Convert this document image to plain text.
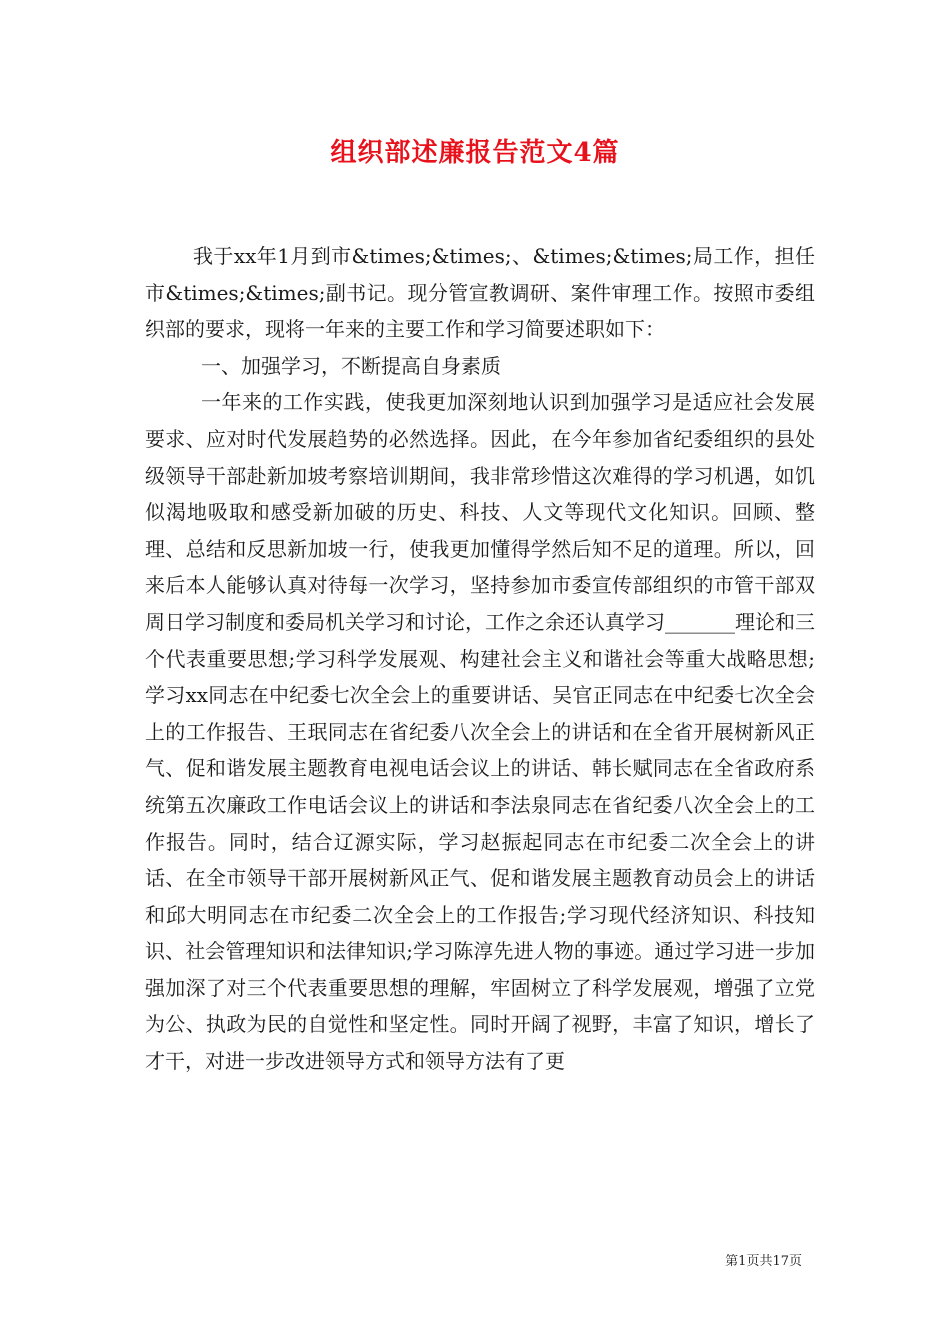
组织部述廉报告范文4篇

我于xx年1月到市&times;&times;、&times;&times;局工作，担任市&times;&times;副书记。现分管宣教调研、案件审理工作。按照市委组织部的要求，现将一年来的主要工作和学习简要述职如下：

一、加强学习，不断提高自身素质

一年来的工作实践，使我更加深刻地认识到加强学习是适应社会发展要求、应对时代发展趋势的必然选择。因此，在今年参加省纪委组织的县处级领导干部赴新加坡考察培训期间，我非常珍惜这次难得的学习机遇，如饥似渴地吸取和感受新加破的历史、科技、人文等现代文化知识。回顾、整理、总结和反思新加坡一行，使我更加懂得学然后知不足的道理。所以，回来后本人能够认真对待每一次学习，坚持参加市委宣传部组织的市管干部双周日学习制度和委局机关学习和讨论，工作之余还认真学习_______理论和三个代表重要思想;学习科学发展观、构建社会主义和谐社会等重大战略思想;学习xx同志在中纪委七次全会上的重要讲话、吴官正同志在中纪委七次全会上的工作报告、王珉同志在省纪委八次全会上的讲话和在全省开展树新风正气、促和谐发展主题教育电视电话会议上的讲话、韩长赋同志在全省政府系统第五次廉政工作电话会议上的讲话和李法泉同志在省纪委八次全会上的工作报告。同时，结合辽源实际，学习赵振起同志在市纪委二次全会上的讲话、在全市领导干部开展树新风正气、促和谐发展主题教育动员会上的讲话和邱大明同志在市纪委二次全会上的工作报告;学习现代经济知识、科技知识、社会管理知识和法律知识;学习陈淳先进人物的事迹。通过学习进一步加强加深了对三个代表重要思想的理解，牢固树立了科学发展观，增强了立党为公、执政为民的自觉性和坚定性。同时开阔了视野，丰富了知识，增长了才干，对进一步改进领导方式和领导方法有了更

第1页共17页
